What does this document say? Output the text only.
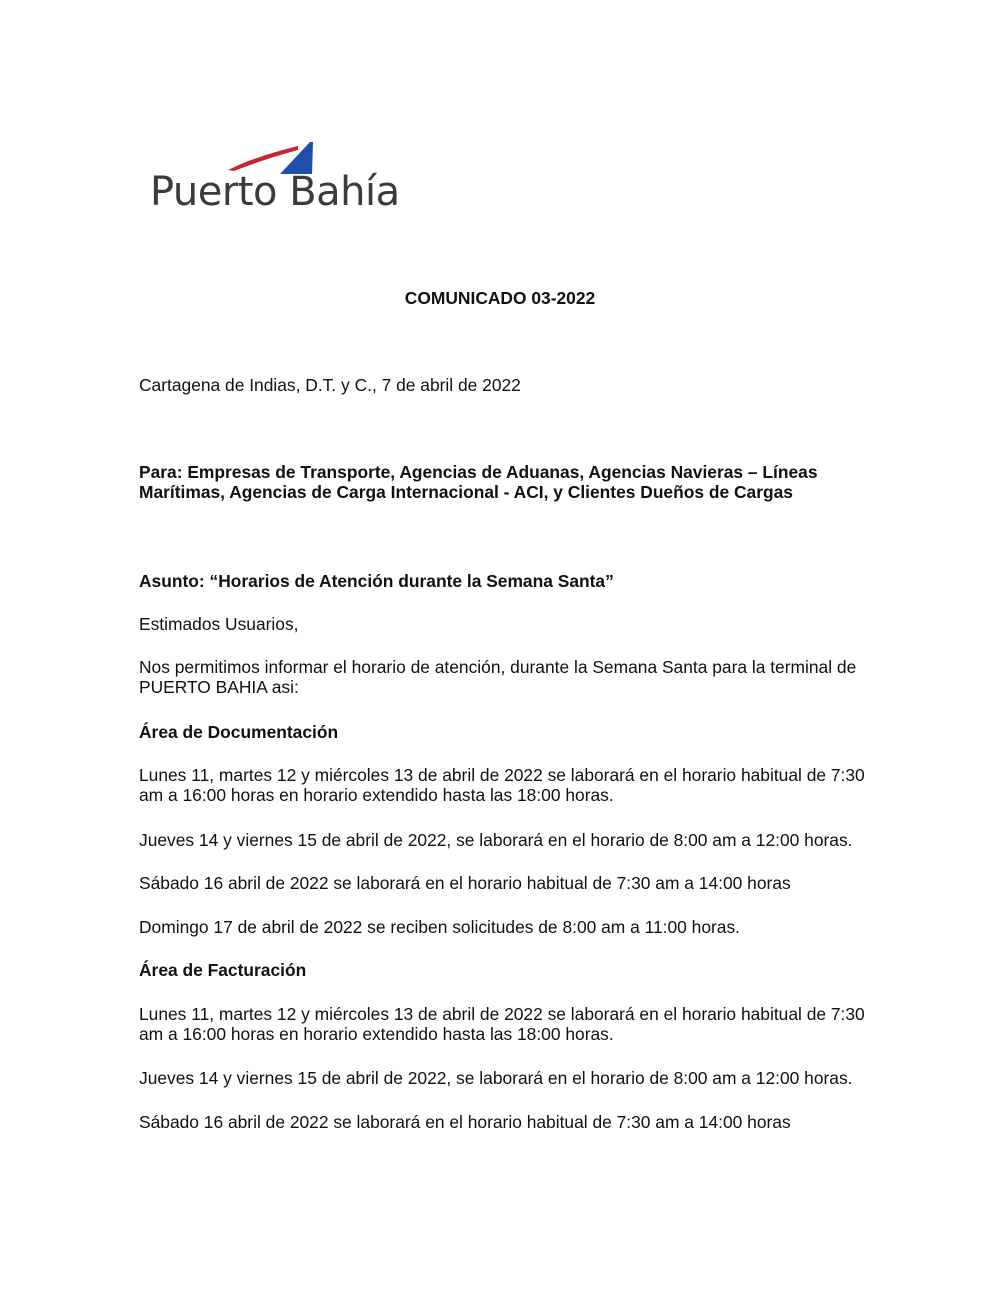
Puerto Bahía

COMUNICADO 03-2022

Cartagena de Indias, D.T. y C., 7 de abril de 2022

Para: Empresas de Transporte, Agencias de Aduanas, Agencias Navieras – Líneas Marítimas, Agencias de Carga Internacional - ACI, y Clientes Dueños de Cargas

Asunto: “Horarios de Atención durante la Semana Santa”

Estimados Usuarios,

Nos permitimos informar el horario de atención, durante la Semana Santa para la terminal de PUERTO BAHIA asi:

Área de Documentación

Lunes 11, martes 12 y miércoles 13 de abril de 2022 se laborará en el horario habitual de 7:30 am a 16:00 horas en horario extendido hasta las 18:00 horas.

Jueves 14 y viernes 15 de abril de 2022, se laborará en el horario de 8:00 am a 12:00 horas.

Sábado 16 abril de 2022 se laborará en el horario habitual de 7:30 am a 14:00 horas

Domingo 17 de abril de 2022 se reciben solicitudes de 8:00 am a 11:00 horas.

Área de Facturación

Lunes 11, martes 12 y miércoles 13 de abril de 2022 se laborará en el horario habitual de 7:30 am a 16:00 horas en horario extendido hasta las 18:00 horas.

Jueves 14 y viernes 15 de abril de 2022, se laborará en el horario de 8:00 am a 12:00 horas.

Sábado 16 abril de 2022 se laborará en el horario habitual de 7:30 am a 14:00 horas
